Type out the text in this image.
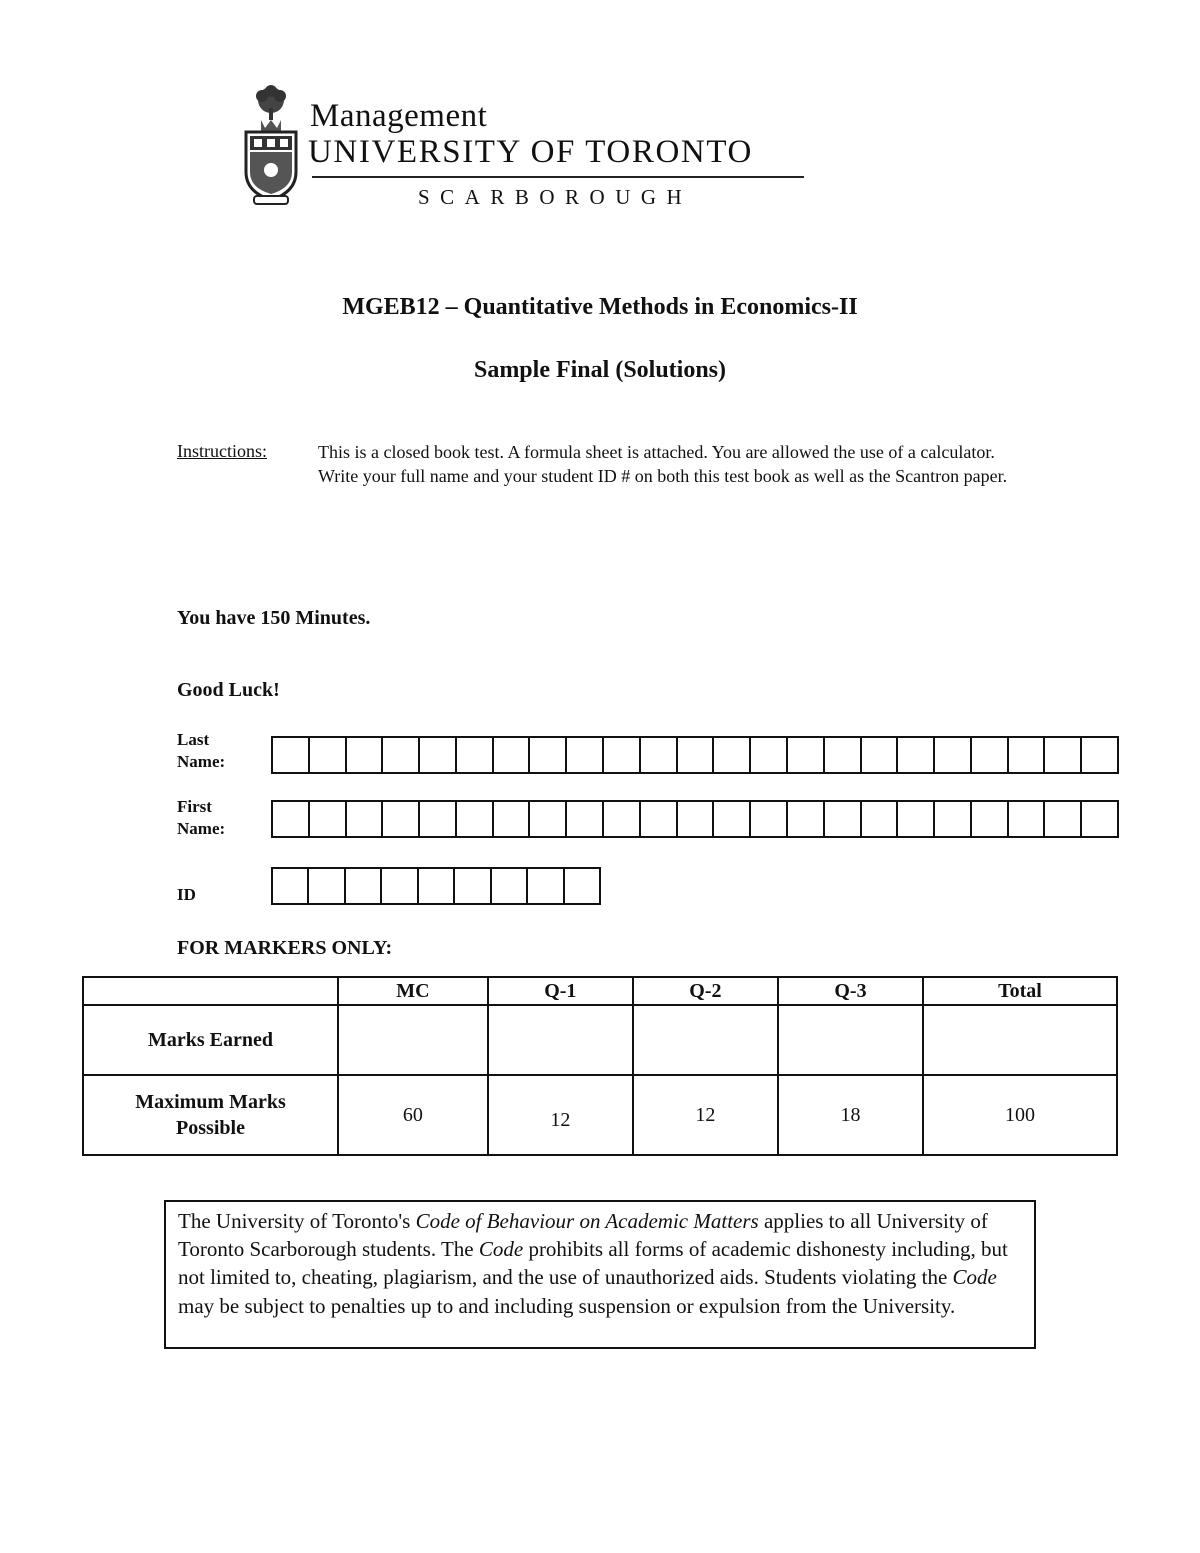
Management
UNIVERSITY OF TORONTO
SCARBOROUGH
MGEB12 – Quantitative Methods in Economics-II
Sample Final (Solutions)
Instructions:	This is a closed book test. A formula sheet is attached. You are allowed the use of a calculator.
Write your full name and your student ID # on both this test book as well as the Scantron paper.
You have 150 Minutes.
Good Luck!
Last
Name:
First
Name:
ID
FOR MARKERS ONLY:
	MC	Q-1	Q-2	Q-3	Total
Marks Earned					

Maximum Marks
Possible	60	12	12	18	100
The University of Toronto's Code of Behaviour on Academic Matters applies to all University of Toronto Scarborough students. The Code prohibits all forms of academic dishonesty including, but not limited to, cheating, plagiarism, and the use of unauthorized aids. Students violating the Code may be subject to penalties up to and including suspension or expulsion from the University.
